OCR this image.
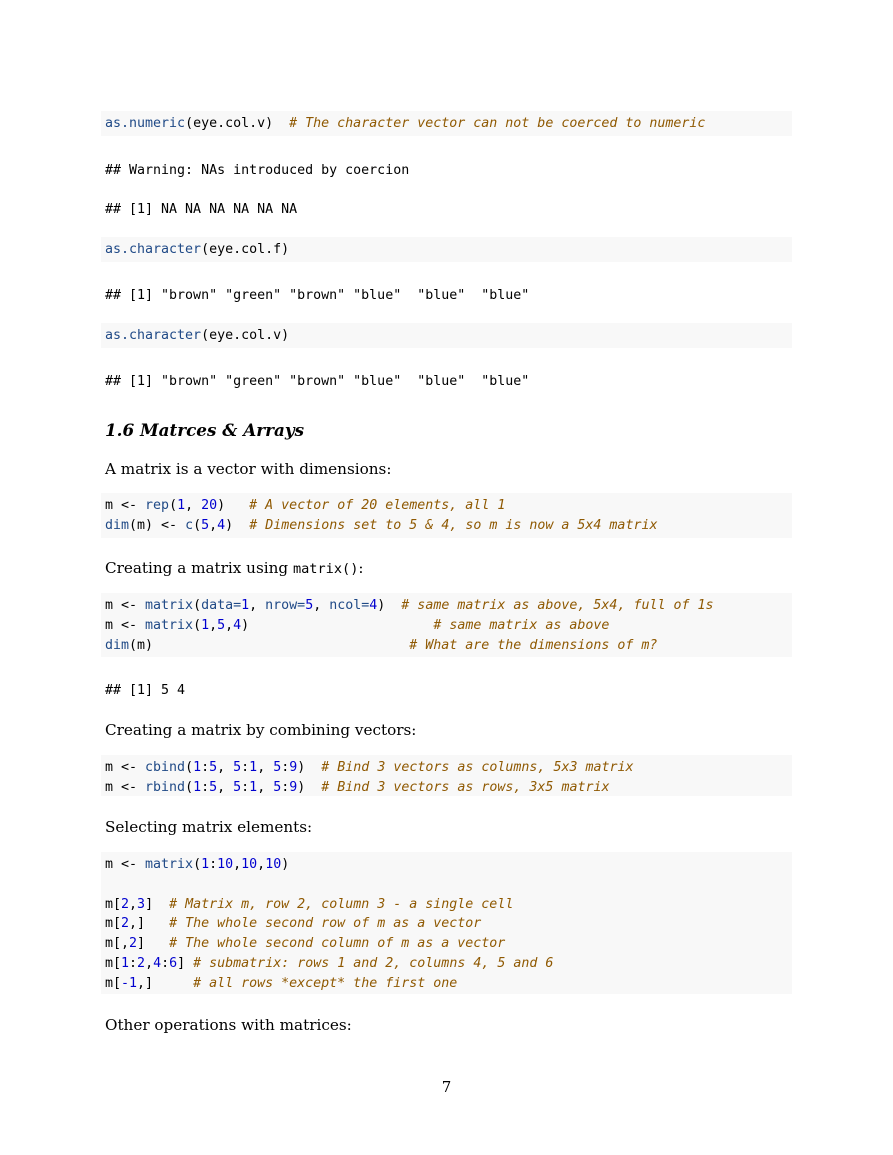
as.numeric(eye.col.v)  # The character vector can not be coerced to numeric
## Warning: NAs introduced by coercion
## [1] NA NA NA NA NA NA
as.character(eye.col.f)
## [1] "brown" "green" "brown" "blue"  "blue"  "blue"
as.character(eye.col.v)
## [1] "brown" "green" "brown" "blue"  "blue"  "blue"
1.6 Matrces & Arrays
A matrix is a vector with dimensions:
m <- rep(1, 20)   # A vector of 20 elements, all 1
dim(m) <- c(5,4)  # Dimensions set to 5 & 4, so m is now a 5x4 matrix
Creating a matrix using matrix():
m <- matrix(data=1, nrow=5, ncol=4)  # same matrix as above, 5x4, full of 1s
m <- matrix(1,5,4)                       # same matrix as above
dim(m)                                # What are the dimensions of m?
## [1] 5 4
Creating a matrix by combining vectors:
m <- cbind(1:5, 5:1, 5:9)  # Bind 3 vectors as columns, 5x3 matrix
m <- rbind(1:5, 5:1, 5:9)  # Bind 3 vectors as rows, 3x5 matrix
Selecting matrix elements:
m <- matrix(1:10,10,10)

m[2,3]  # Matrix m, row 2, column 3 - a single cell
m[2,]   # The whole second row of m as a vector
m[,2]   # The whole second column of m as a vector
m[1:2,4:6] # submatrix: rows 1 and 2, columns 4, 5 and 6
m[-1,]     # all rows *except* the first one
Other operations with matrices:
7
